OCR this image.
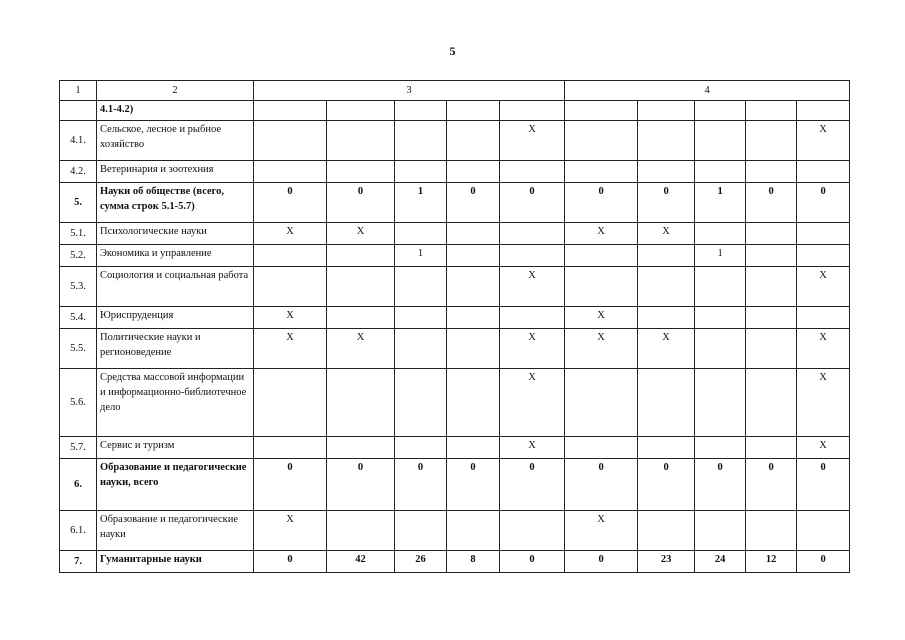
5
1	2	3					4				
	4.1-4.2)										
4.1.	Сельское, лесное и рыбное хозяйство					X					X
4.2.	Ветеринария и зоотехния										
5.	Науки об обществе (всего, сумма строк 5.1-5.7)	0	0	1	0	0	0	0	1	0	0
5.1.	Психологические науки	X	X				X	X			
5.2.	Экономика и управление			1					1		
5.3.	Социология и социальная работа					X					X
5.4.	Юриспруденция	X					X				
5.5.	Политические науки и регионоведение	X	X			X	X	X			X
5.6.	Средства массовой информации и информационно-библиотечное дело					X					X
5.7.	Сервис и туризм					X					X
6.	Образование и педагогические науки, всего	0	0	0	0	0	0	0	0	0	0
6.1.	Образование и педагогические науки	X					X				
7.	Гуманитарные науки	0	42	26	8	0	0	23	24	12	0
